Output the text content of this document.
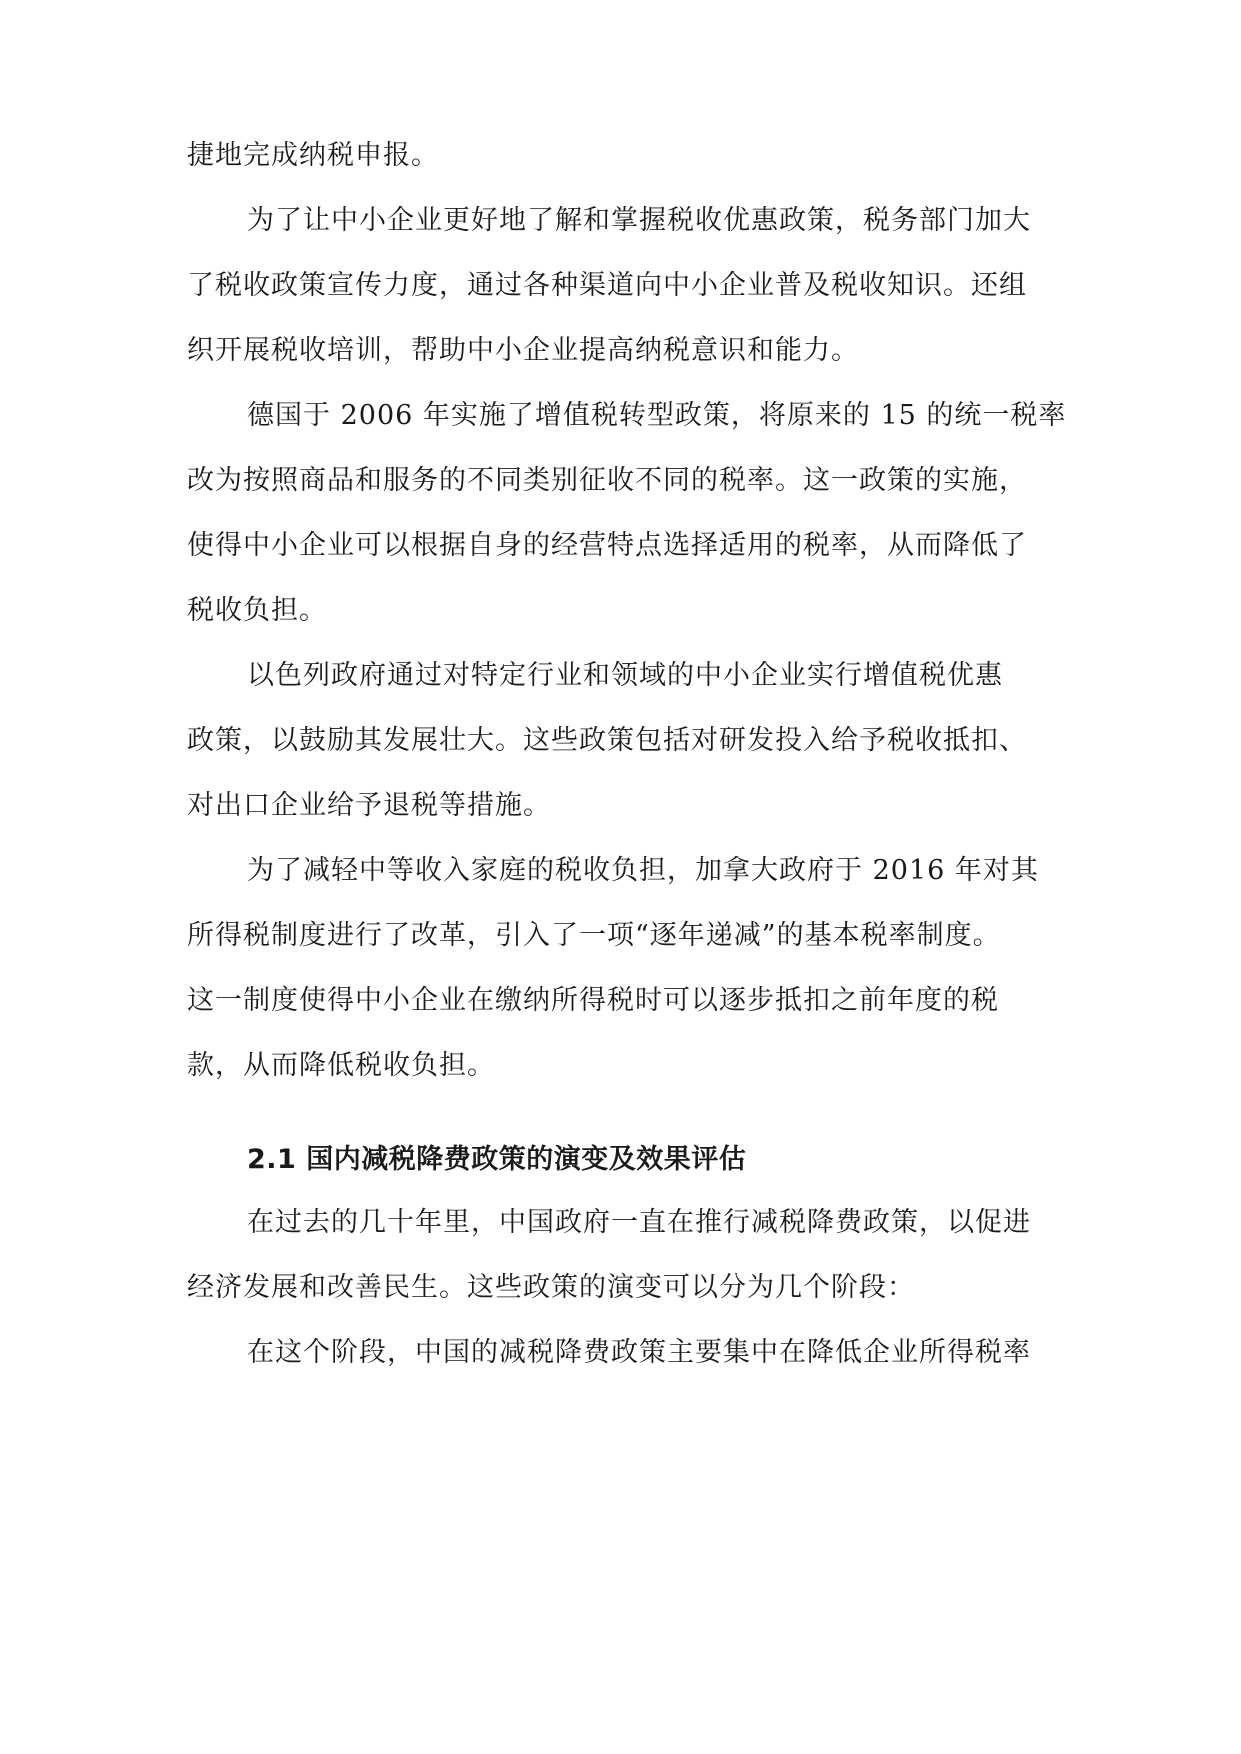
捷地完成纳税申报。
为了让中小企业更好地了解和掌握税收优惠政策，税务部门加大
了税收政策宣传力度，通过各种渠道向中小企业普及税收知识。还组
织开展税收培训，帮助中小企业提高纳税意识和能力。
德国于 2006 年实施了增值税转型政策，将原来的 15 的统一税率
改为按照商品和服务的不同类别征收不同的税率。这一政策的实施，
使得中小企业可以根据自身的经营特点选择适用的税率，从而降低了
税收负担。
以色列政府通过对特定行业和领域的中小企业实行增值税优惠
政策，以鼓励其发展壮大。这些政策包括对研发投入给予税收抵扣、
对出口企业给予退税等措施。
为了减轻中等收入家庭的税收负担，加拿大政府于 2016 年对其
所得税制度进行了改革，引入了一项“逐年递减”的基本税率制度。
这一制度使得中小企业在缴纳所得税时可以逐步抵扣之前年度的税
款，从而降低税收负担。
2.1 国内减税降费政策的演变及效果评估
在过去的几十年里，中国政府一直在推行减税降费政策，以促进
经济发展和改善民生。这些政策的演变可以分为几个阶段：
在这个阶段，中国的减税降费政策主要集中在降低企业所得税率
